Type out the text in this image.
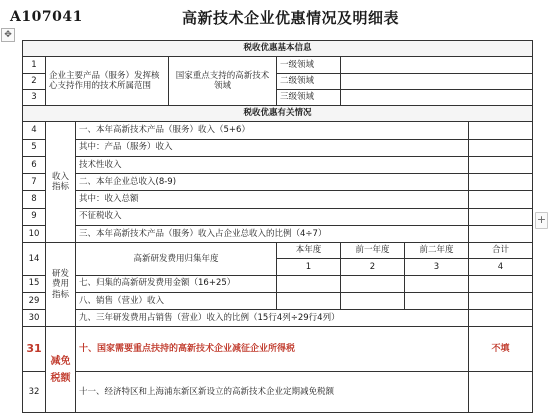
A107041	高新技术企业优惠情况及明细表
✥
+
税收优惠基本信息							
1	企业主要产品（服务）发挥核心支持作用的技术所属范围		国家重点支持的高新技术领域	一级领域			
2				二级领域			
3				三级领域			
税收优惠有关情况							
4	收入指标	一、本年高新技术产品（服务）收入（5+6）					
5		其中：产品（服务）收入					
6		技术性收入					
7		二、本年企业总收入(8-9)					
8		其中：收入总额					
9		不征税收入					
10		三、本年高新技术产品（服务）收入占企业总收入的比例（4÷7）					
14	研发费用指标	高新研发费用归集年度		本年度	前一年度	前二年度	合计
				1	2	3	4
15		七、归集的高新研发费用金额（16+25）					
29		八、销售（营业）收入					
30		九、三年研发费用占销售（营业）收入的比例（15行4列÷29行4列）					
31	减免税额	十、国家需要重点扶持的高新技术企业减征企业所得税					不填
32		十一、经济特区和上海浦东新区新设立的高新技术企业定期减免税额					
